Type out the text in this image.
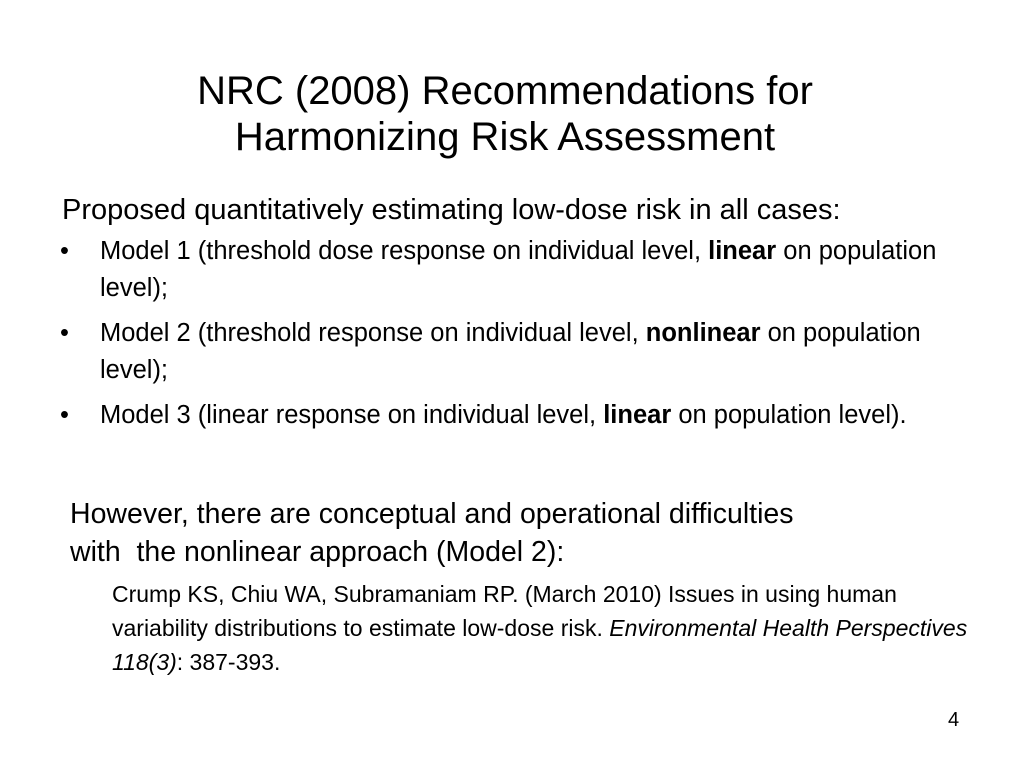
NRC (2008) Recommendations for
Harmonizing Risk Assessment
Proposed quantitatively estimating low-dose risk in all cases:
• Model 1 (threshold dose response on individual level, linear on population level);
• Model 2 (threshold response on individual level, nonlinear on population level);
• Model 3 (linear response on individual level, linear on population level).
However, there are conceptual and operational difficulties
with  the nonlinear approach (Model 2):
Crump KS, Chiu WA, Subramaniam RP. (March 2010) Issues in using human variability distributions to estimate low-dose risk. Environmental Health Perspectives 118(3): 387-393.
4
